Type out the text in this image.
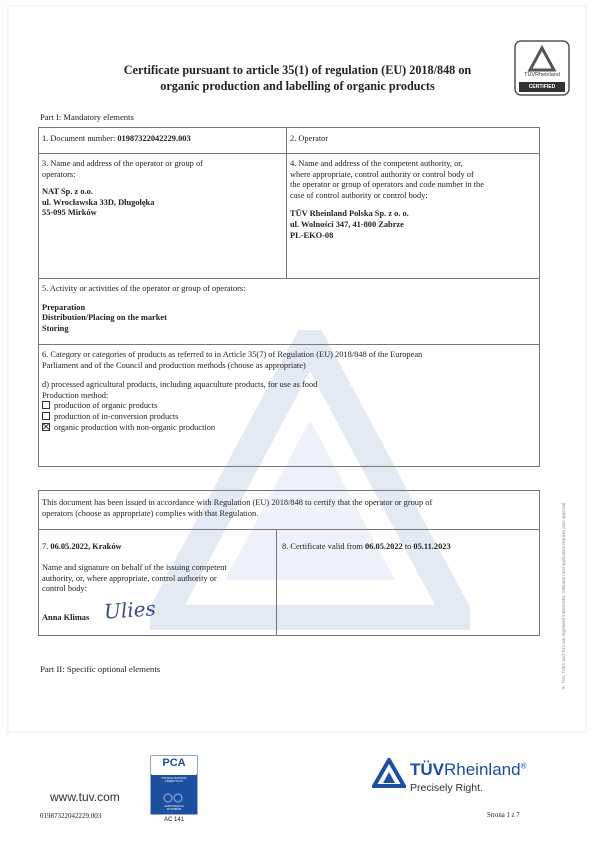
TÜVRheinland
CERTIFIED
Certificate pursuant to article 35(1) of regulation (EU) 2018/848 on
organic production and labelling of organic products
Part I: Mandatory elements
1. Document number: 01987322042229.003	2. Operator
3. Name and address of the operator or group of
operators:
NAT Sp. z o.o.
ul. Wrocławska 33D, Długołęka
55-095 Mirków
4. Name and address of the competent authority, or,
where appropriate, control authority or control body of
the operator or group of operators and code number in the
case of control authority or control body:
TÜV Rheinland Polska Sp. z o. o.
ul. Wolności 347, 41-800 Zabrze
PL-EKO-08
5. Activity or activities of the operator or group of operators:
Preparation
Distribution/Placing on the market
Storing
6. Category or categories of products as referred to in Article 35(7) of Regulation (EU) 2018/848 of the European
Parliament and of the Council and production methods (choose as appropriate)
d) processed agricultural products, including aquaculture products, for use as food
Production method:
production of organic products
production of in-conversion products
organic production with non-organic production
This document has been issued in accordance with Regulation (EU) 2018/848 to certify that the operator or group of
operators (choose as appropriate) complies with that Regulation.
7. 06.05.2022, Kraków
Name and signature on behalf of the issuing competent
authority, or, where appropriate, control authority or
control body:
Anna Klimas Ulies
8. Certificate valid from 06.05.2022 to 05.11.2023
Part II: Specific optional elements	® TÜV, TUEV and TUV are registered trademarks. Utilisation and application requires prior approval.
www.tuv.com
01987322042229.003
PCA
POLSKIE CENTRUM
AKREDYTACJI
CERTYFIKACJA
WYROBÓW
AC 141
TÜVRheinland®
Precisely Right.
Strona 1 z 7
